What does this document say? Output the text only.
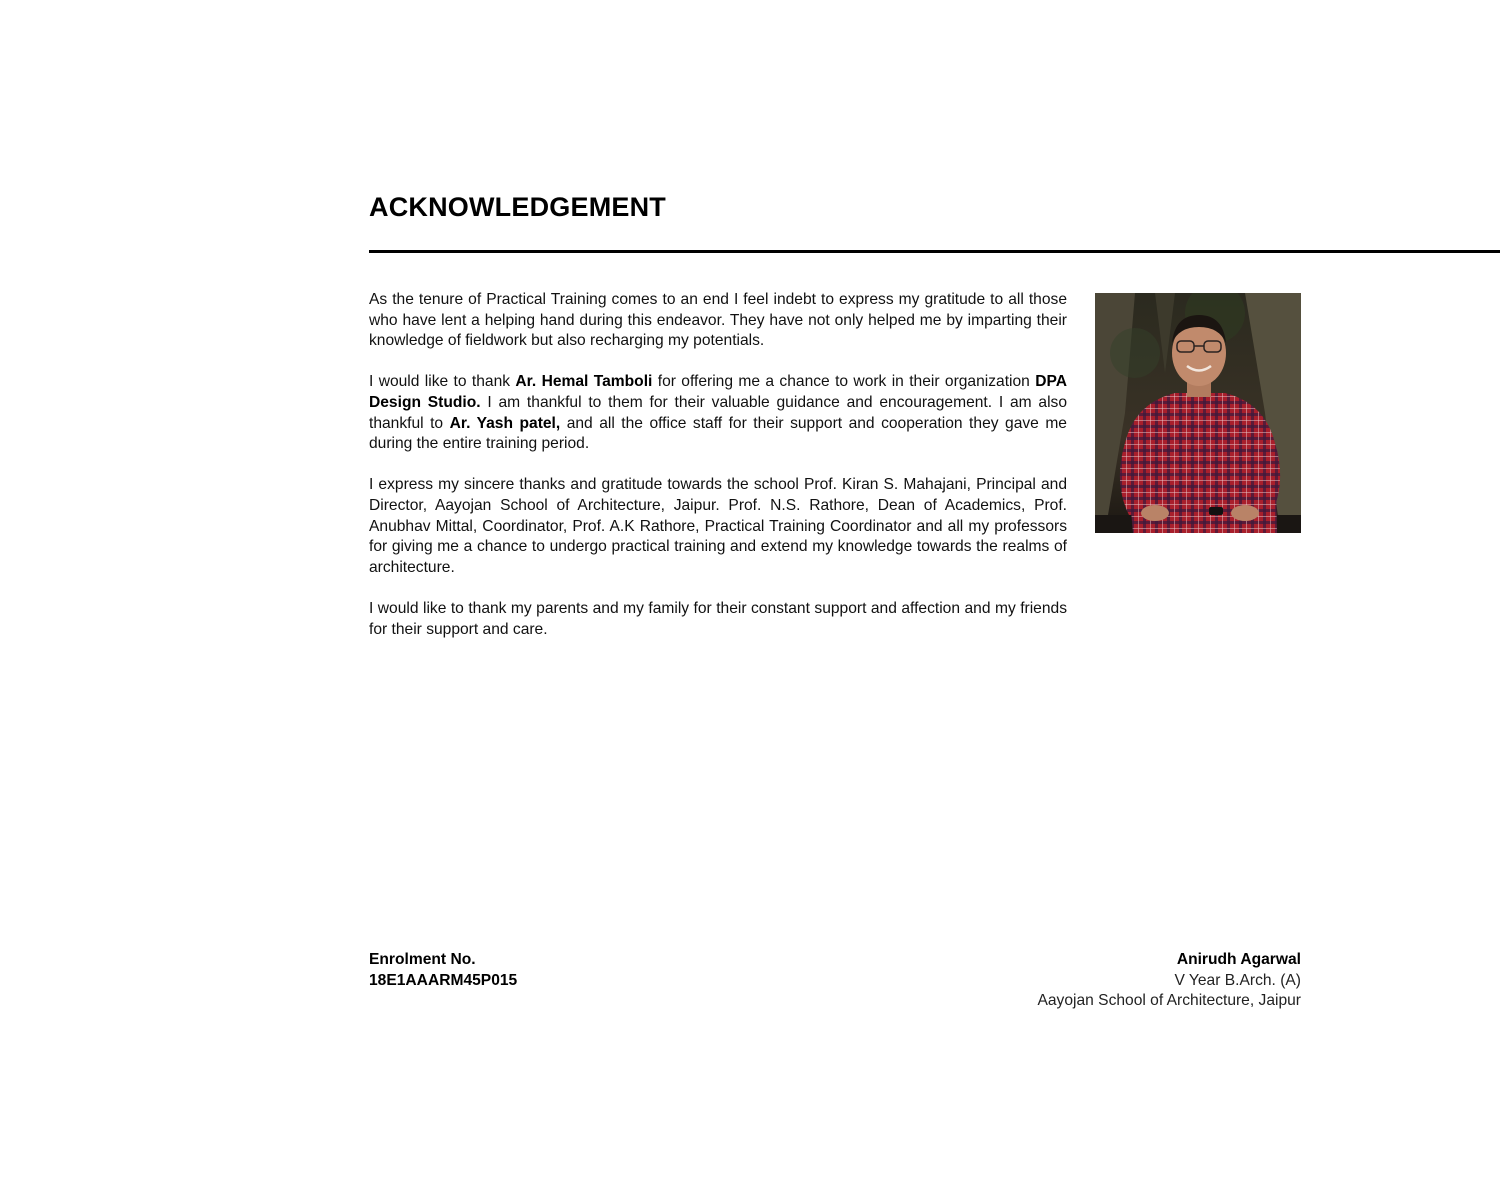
ACKNOWLEDGEMENT

As the tenure of Practical Training comes to an end I feel indebt to express my gratitude to all those who have lent a helping hand during this endeavor. They have not only helped me by imparting their knowledge of fieldwork but also recharging my potentials.

I would like to thank Ar. Hemal Tamboli for offering me a chance to work in their organization DPA Design Studio. I am thankful to them for their valuable guidance and encouragement. I am also thankful to Ar. Yash patel, and all the office staff for their support and cooperation they gave me during the entire training period.

I express my sincere thanks and gratitude towards the school Prof. Kiran S. Mahajani, Principal and Director, Aayojan School of Architecture, Jaipur. Prof. N.S. Rathore, Dean of Academics, Prof. Anubhav Mittal, Coordinator, Prof. A.K Rathore, Practical Training Coordinator and all my professors for giving me a chance to undergo practical training and extend my knowledge towards the realms of architecture.

I would like to thank my parents and my family for their constant support and affection and my friends for their support and care.

Enrolment No.
18E1AAARM45P015
Anirudh Agarwal
V Year B.Arch. (A)
Aayojan School of Architecture, Jaipur
